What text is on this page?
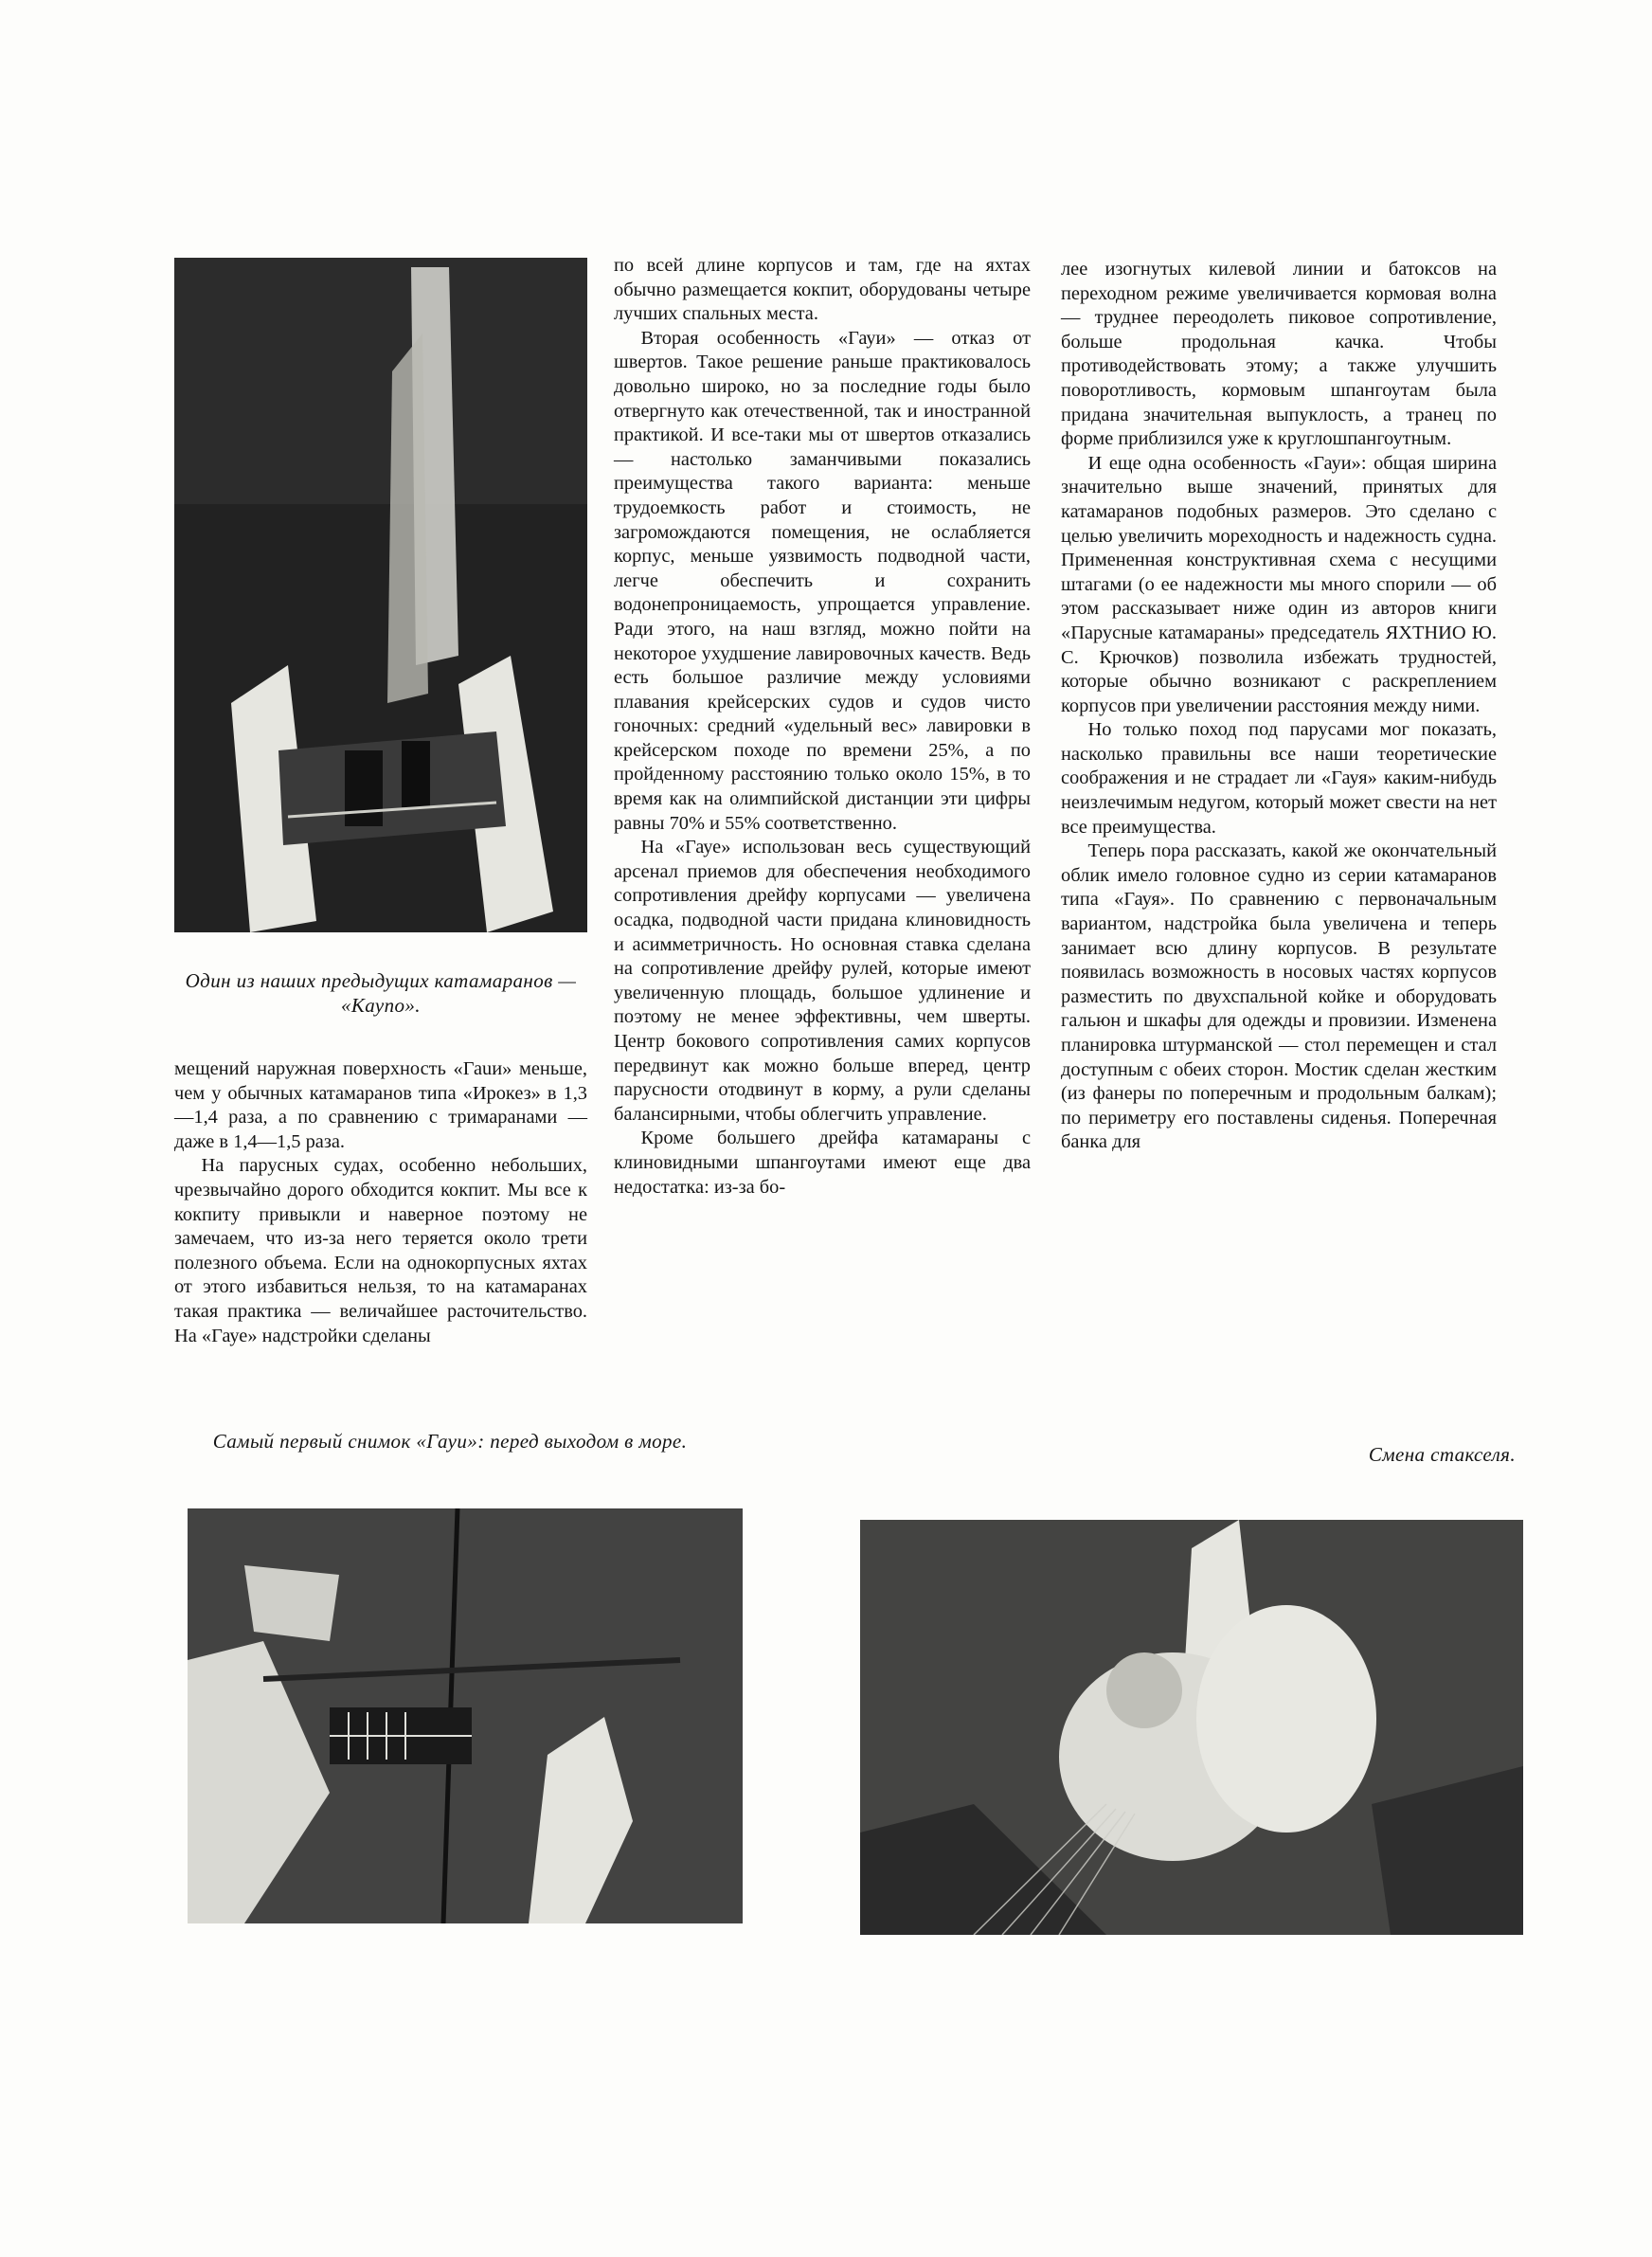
Один из наших предыдущих катамаранов — «Каупо».

мещений наружная поверхность «Гаuи» меньше, чем у обычных катамаранов типа «Ирокез» в 1,3—1,4 раза, а по сравнению с тримаранами — даже в 1,4—1,5 раза.

На парусных судах, особенно небольших, чрезвычайно дорого обходится кокпит. Мы все к кокпиту привыкли и наверное поэтому не замечаем, что из-за него теряется около трети полезного объема. Если на однокорпусных яхтах от этого избавиться нельзя, то на катамаранах такая практика — величайшее расточительство. На «Гауе» надстройки сделаны

по всей длине корпусов и там, где на яхтах обычно размещается кокпит, оборудованы четыре лучших спальных места.

Вторая особенность «Гауи» — отказ от швертов. Такое решение раньше практиковалось довольно широко, но за последние годы было отвергнуто как отечественной, так и иностранной практикой. И все-таки мы от швертов отказались — настолько заманчивыми показались преимущества такого варианта: меньше трудоемкость работ и стоимость, не загромождаются помещения, не ослабляется корпус, меньше уязвимость подводной части, легче обеспечить и сохранить водонепроницаемость, упрощается управление. Ради этого, на наш взгляд, можно пойти на некоторое ухудшение лавировочных качеств. Ведь есть большое различие между условиями плавания крейсерских судов и судов чисто гоночных: средний «удельный вес» лавировки в крейсерском походе по времени 25%, а по пройденному расстоянию только около 15%, в то время как на олимпийской дистанции эти цифры равны 70% и 55% соответственно.

На «Гауе» использован весь существующий арсенал приемов для обеспечения необходимого сопротивления дрейфу корпусами — увеличена осадка, подводной части придана клиновидность и асимметричность. Но основная ставка сделана на сопротивление дрейфу рулей, которые имеют увеличенную площадь, большое удлинение и поэтому не менее эффективны, чем шверты. Центр бокового сопротивления самих корпусов передвинут как можно больше вперед, центр парусности отодвинут в корму, а рули сделаны балансирными, чтобы облегчить управление.

Кроме большего дрейфа катамараны с клиновидными шпангоутами имеют еще два недостатка: из-за бо-

лее изогнутых килевой линии и батоксов на переходном режиме увеличивается кормовая волна — труднее переодолеть пиковое сопротивление, больше продольная качка. Чтобы противодействовать этому; а также улучшить поворотливость, кормовым шпангоутам была придана значительная выпуклость, а транец по форме приблизился уже к круглошпангоутным.

И еще одна особенность «Гауи»: общая ширина значительно выше значений, принятых для катамаранов подобных размеров. Это сделано с целью увеличить мореходность и надежность судна. Примененная конструктивная схема с несущими штагами (о ее надежности мы много спорили — об этом рассказывает ниже один из авторов книги «Парусные катамараны» председатель ЯХТНИО Ю. С. Крючков) позволила избежать трудностей, которые обычно возникают с раскреплением корпусов при увеличении расстояния между ними.

Но только поход под парусами мог показать, насколько правильны все наши теоретические соображения и не страдает ли «Гауя» каким-нибудь неизлечимым недугом, который может свести на нет все преимущества.

Теперь пора рассказать, какой же окончательный облик имело головное судно из серии катамаранов типа «Гауя». По сравнению с первоначальным вариантом, надстройка была увеличена и теперь занимает всю длину корпусов. В результате появилась возможность в носовых частях корпусов разместить по двухспальной койке и оборудовать гальюн и шкафы для одежды и провизии. Изменена планировка штурманской — стол перемещен и стал доступным с обеих сторон. Мостик сделан жестким (из фанеры по поперечным и продольным балкам); по периметру его поставлены сиденья. Поперечная банка для

Самый первый снимок «Гауи»: перед выходом в море.
Смена стакселя.
